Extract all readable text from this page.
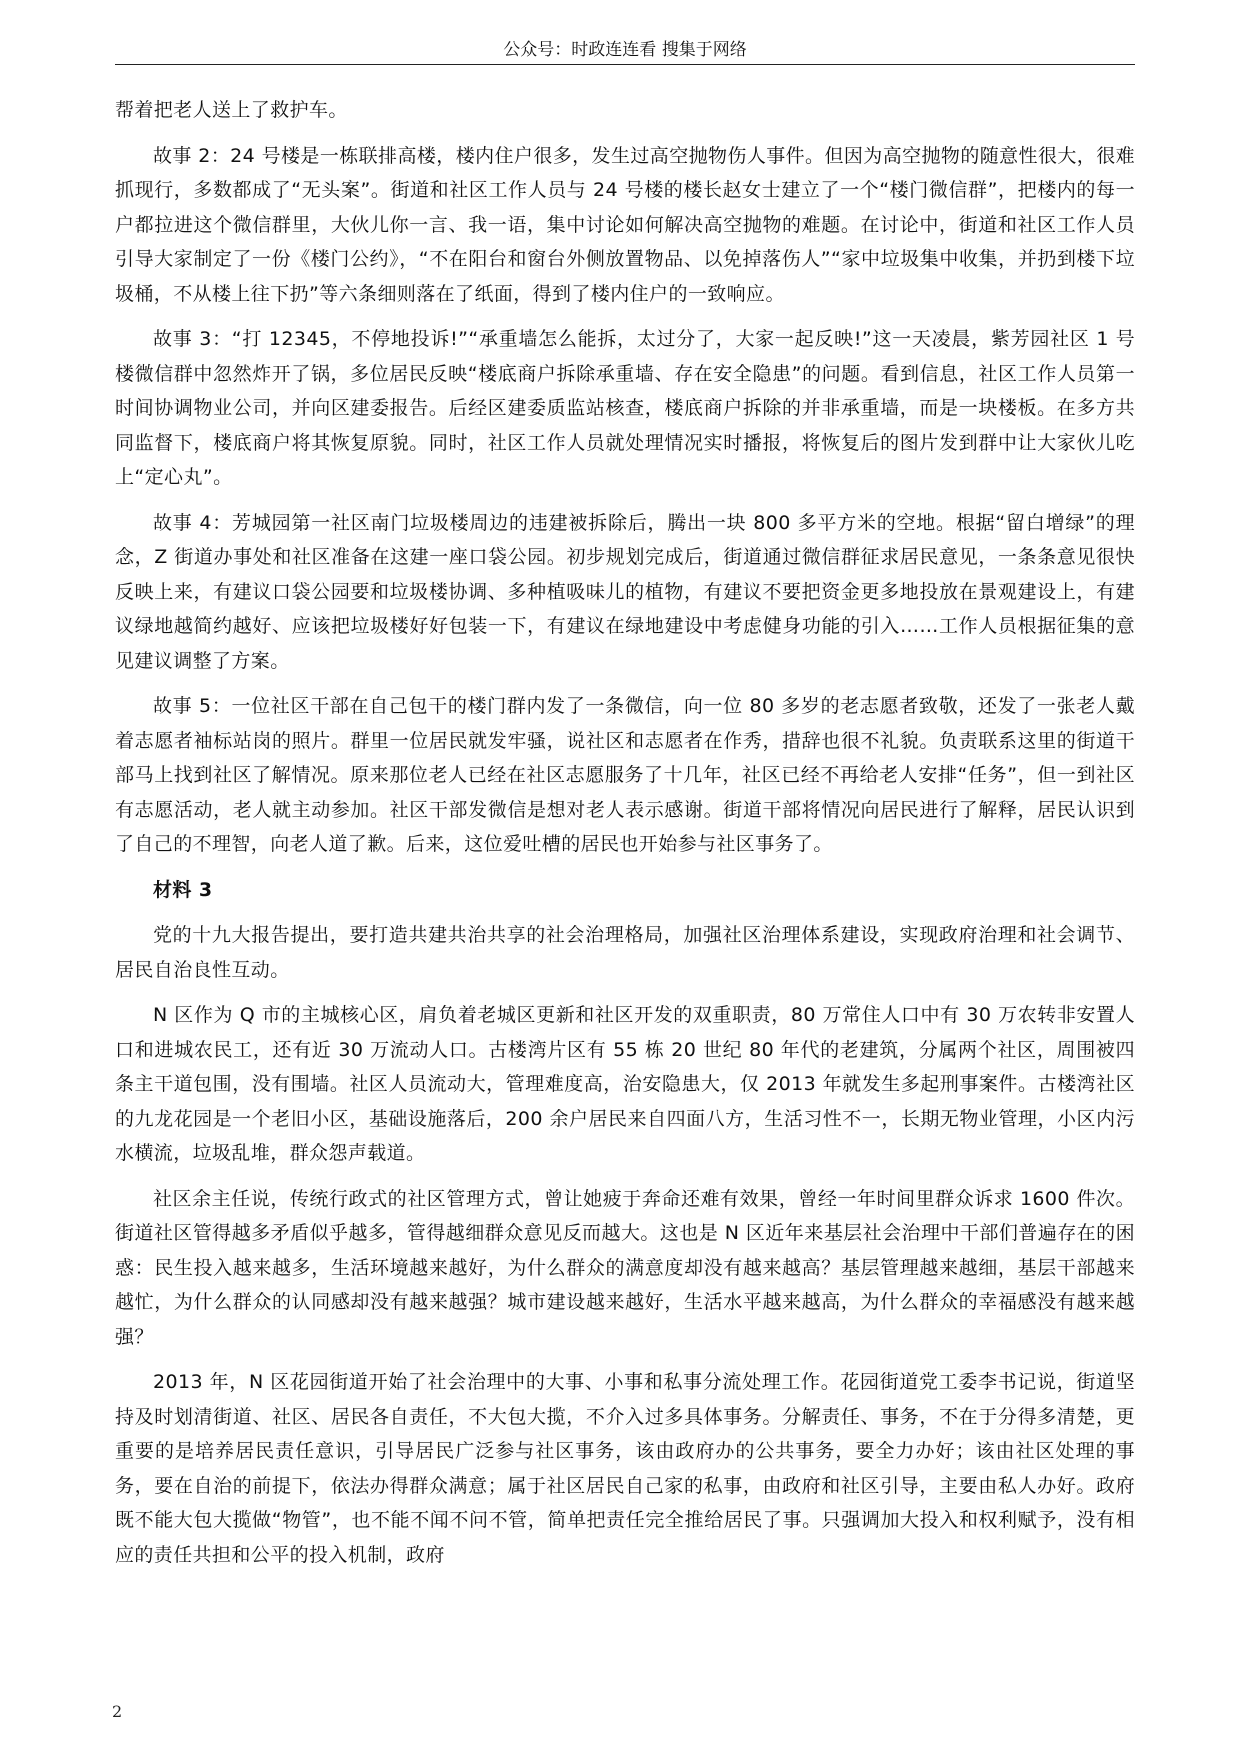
公众号：时政连连看 搜集于网络

帮着把老人送上了救护车。

故事 2：24 号楼是一栋联排高楼，楼内住户很多，发生过高空抛物伤人事件。但因为高空抛物的随意性很大，很难抓现行，多数都成了“无头案”。街道和社区工作人员与 24 号楼的楼长赵女士建立了一个“楼门微信群”，把楼内的每一户都拉进这个微信群里，大伙儿你一言、我一语，集中讨论如何解决高空抛物的难题。在讨论中，街道和社区工作人员引导大家制定了一份《楼门公约》，“不在阳台和窗台外侧放置物品、以免掉落伤人”“家中垃圾集中收集，并扔到楼下垃圾桶，不从楼上往下扔”等六条细则落在了纸面，得到了楼内住户的一致响应。

故事 3：“打 12345，不停地投诉!”“承重墙怎么能拆，太过分了，大家一起反映!”这一天凌晨，紫芳园社区 1 号楼微信群中忽然炸开了锅，多位居民反映“楼底商户拆除承重墙、存在安全隐患”的问题。看到信息，社区工作人员第一时间协调物业公司，并向区建委报告。后经区建委质监站核查，楼底商户拆除的并非承重墙，而是一块楼板。在多方共同监督下，楼底商户将其恢复原貌。同时，社区工作人员就处理情况实时播报，将恢复后的图片发到群中让大家伙儿吃上“定心丸”。

故事 4：芳城园第一社区南门垃圾楼周边的违建被拆除后，腾出一块 800 多平方米的空地。根据“留白增绿”的理念，Z 街道办事处和社区准备在这建一座口袋公园。初步规划完成后，街道通过微信群征求居民意见，一条条意见很快反映上来，有建议口袋公园要和垃圾楼协调、多种植吸味儿的植物，有建议不要把资金更多地投放在景观建设上，有建议绿地越简约越好、应该把垃圾楼好好包装一下，有建议在绿地建设中考虑健身功能的引入……工作人员根据征集的意见建议调整了方案。

故事 5：一位社区干部在自己包干的楼门群内发了一条微信，向一位 80 多岁的老志愿者致敬，还发了一张老人戴着志愿者袖标站岗的照片。群里一位居民就发牢骚，说社区和志愿者在作秀，措辞也很不礼貌。负责联系这里的街道干部马上找到社区了解情况。原来那位老人已经在社区志愿服务了十几年，社区已经不再给老人安排“任务”，但一到社区有志愿活动，老人就主动参加。社区干部发微信是想对老人表示感谢。街道干部将情况向居民进行了解释，居民认识到了自己的不理智，向老人道了歉。后来，这位爱吐槽的居民也开始参与社区事务了。

材料 3

党的十九大报告提出，要打造共建共治共享的社会治理格局，加强社区治理体系建设，实现政府治理和社会调节、居民自治良性互动。

N 区作为 Q 市的主城核心区，肩负着老城区更新和社区开发的双重职责，80 万常住人口中有 30 万农转非安置人口和进城农民工，还有近 30 万流动人口。古楼湾片区有 55 栋 20 世纪 80 年代的老建筑，分属两个社区，周围被四条主干道包围，没有围墙。社区人员流动大，管理难度高，治安隐患大，仅 2013 年就发生多起刑事案件。古楼湾社区的九龙花园是一个老旧小区，基础设施落后，200 余户居民来自四面八方，生活习性不一，长期无物业管理，小区内污水横流，垃圾乱堆，群众怨声载道。

社区余主任说，传统行政式的社区管理方式，曾让她疲于奔命还难有效果，曾经一年时间里群众诉求 1600 件次。街道社区管得越多矛盾似乎越多，管得越细群众意见反而越大。这也是 N 区近年来基层社会治理中干部们普遍存在的困惑：民生投入越来越多，生活环境越来越好，为什么群众的满意度却没有越来越高？基层管理越来越细，基层干部越来越忙，为什么群众的认同感却没有越来越强？城市建设越来越好，生活水平越来越高，为什么群众的幸福感没有越来越强？

2013 年，N 区花园街道开始了社会治理中的大事、小事和私事分流处理工作。花园街道党工委李书记说，街道坚持及时划清街道、社区、居民各自责任，不大包大揽，不介入过多具体事务。分解责任、事务，不在于分得多清楚，更重要的是培养居民责任意识，引导居民广泛参与社区事务，该由政府办的公共事务，要全力办好；该由社区处理的事务，要在自治的前提下，依法办得群众满意；属于社区居民自己家的私事，由政府和社区引导，主要由私人办好。政府既不能大包大揽做“物管”，也不能不闻不问不管，简单把责任完全推给居民了事。只强调加大投入和权利赋予，没有相应的责任共担和公平的投入机制，政府

2
